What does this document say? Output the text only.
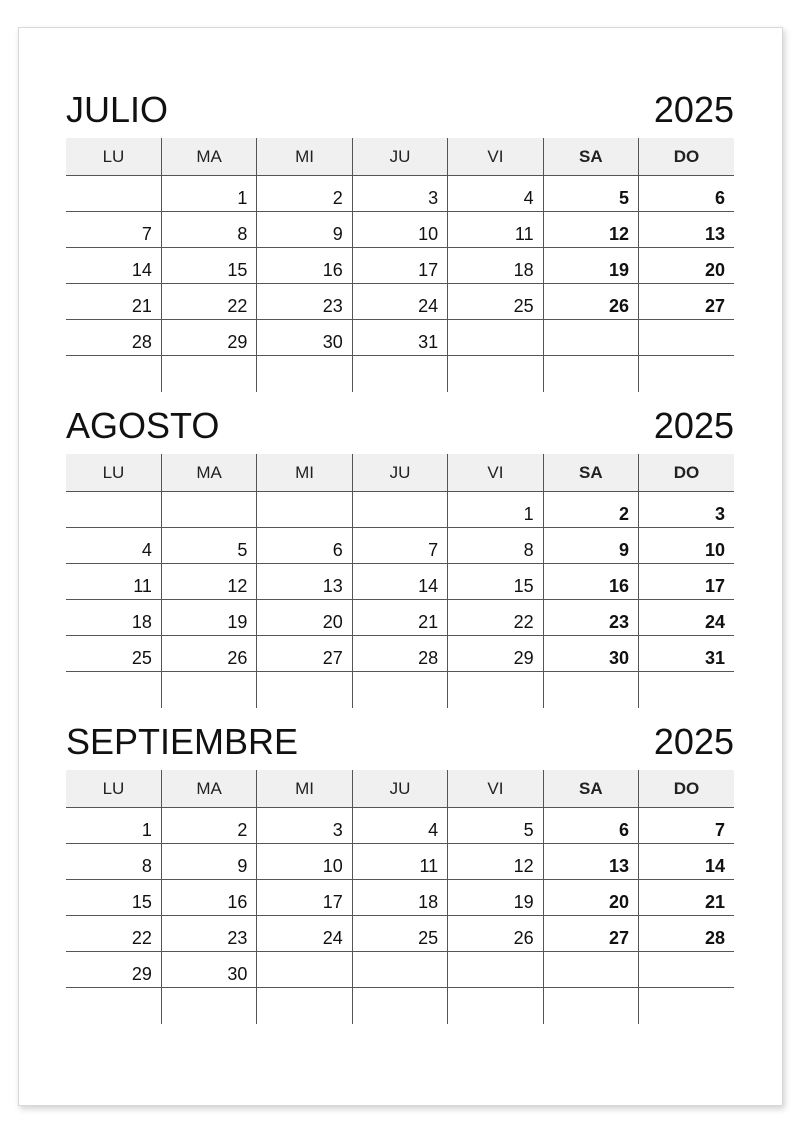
JULIO	2025
LU	MA	MI	JU	VI	SA	DO
	1	2	3	4	5	6
7	8	9	10	11	12	13
14	15	16	17	18	19	20
21	22	23	24	25	26	27
28	29	30	31			

AGOSTO	2025
LU	MA	MI	JU	VI	SA	DO
				1	2	3
4	5	6	7	8	9	10
11	12	13	14	15	16	17
18	19	20	21	22	23	24
25	26	27	28	29	30	31

SEPTIEMBRE	2025
LU	MA	MI	JU	VI	SA	DO
1	2	3	4	5	6	7
8	9	10	11	12	13	14
15	16	17	18	19	20	21
22	23	24	25	26	27	28
29	30					
